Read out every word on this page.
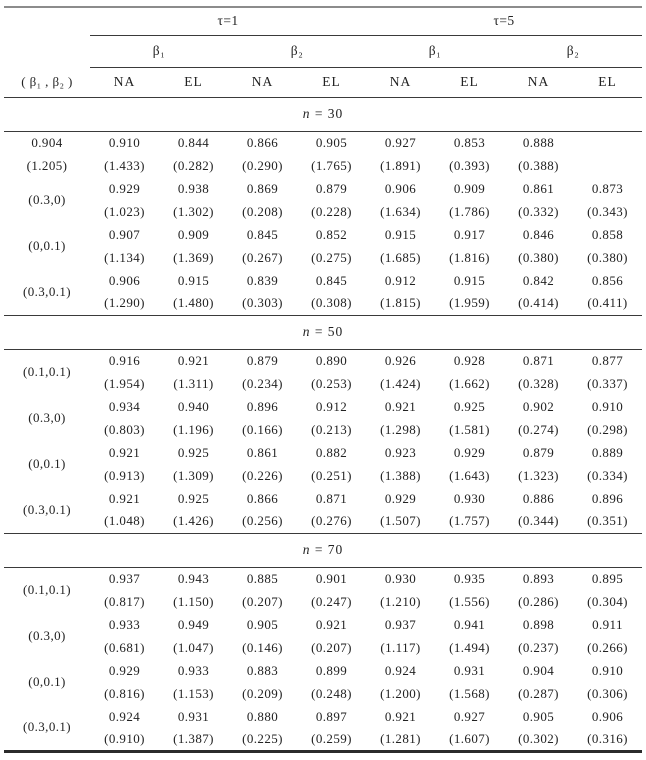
( β₁ , β₂ )	τ=1				τ=5			
	β₁		β₂		β₁		β₂	
	NA	EL	NA	EL	NA	EL	NA	EL
n = 30								
0.904	0.910	0.844	0.866	0.905	0.927	0.853	0.888	
(1.205)	(1.433)	(0.282)	(0.290)	(1.765)	(1.891)	(0.393)	(0.388)	
(0.3,0)	0.929	0.938	0.869	0.879	0.906	0.909	0.861	0.873
	(1.023)	(1.302)	(0.208)	(0.228)	(1.634)	(1.786)	(0.332)	(0.343)
(0,0.1)	0.907	0.909	0.845	0.852	0.915	0.917	0.846	0.858
	(1.134)	(1.369)	(0.267)	(0.275)	(1.685)	(1.816)	(0.380)	(0.380)
(0.3,0.1)	0.906	0.915	0.839	0.845	0.912	0.915	0.842	0.856
	(1.290)	(1.480)	(0.303)	(0.308)	(1.815)	(1.959)	(0.414)	(0.411)
n = 50								
(0.1,0.1)	0.916	0.921	0.879	0.890	0.926	0.928	0.871	0.877
	(1.954)	(1.311)	(0.234)	(0.253)	(1.424)	(1.662)	(0.328)	(0.337)
(0.3,0)	0.934	0.940	0.896	0.912	0.921	0.925	0.902	0.910
	(0.803)	(1.196)	(0.166)	(0.213)	(1.298)	(1.581)	(0.274)	(0.298)
(0,0.1)	0.921	0.925	0.861	0.882	0.923	0.929	0.879	0.889
	(0.913)	(1.309)	(0.226)	(0.251)	(1.388)	(1.643)	(1.323)	(0.334)
(0.3,0.1)	0.921	0.925	0.866	0.871	0.929	0.930	0.886	0.896
	(1.048)	(1.426)	(0.256)	(0.276)	(1.507)	(1.757)	(0.344)	(0.351)
n = 70								
(0.1,0.1)	0.937	0.943	0.885	0.901	0.930	0.935	0.893	0.895
	(0.817)	(1.150)	(0.207)	(0.247)	(1.210)	(1.556)	(0.286)	(0.304)
(0.3,0)	0.933	0.949	0.905	0.921	0.937	0.941	0.898	0.911
	(0.681)	(1.047)	(0.146)	(0.207)	(1.117)	(1.494)	(0.237)	(0.266)
(0,0.1)	0.929	0.933	0.883	0.899	0.924	0.931	0.904	0.910
	(0.816)	(1.153)	(0.209)	(0.248)	(1.200)	(1.568)	(0.287)	(0.306)
(0.3,0.1)	0.924	0.931	0.880	0.897	0.921	0.927	0.905	0.906
	(0.910)	(1.387)	(0.225)	(0.259)	(1.281)	(1.607)	(0.302)	(0.316)
